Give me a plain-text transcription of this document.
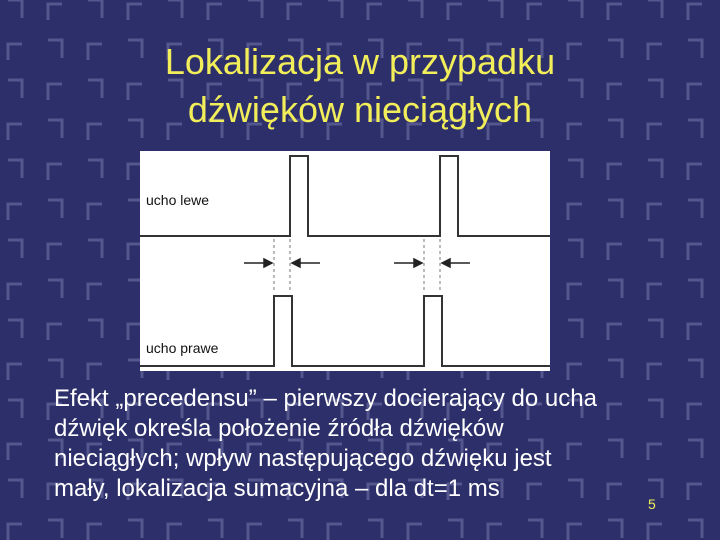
Lokalizacja w przypadku
dźwięków nieciągłych
ucho lewe
ucho prawe
Efekt „precedensu” – pierwszy docierający do ucha
dźwięk określa położenie źródła dźwięków
nieciągłych; wpływ następującego dźwięku jest
mały, lokalizacja sumacyjna – dla dt=1 ms
5
